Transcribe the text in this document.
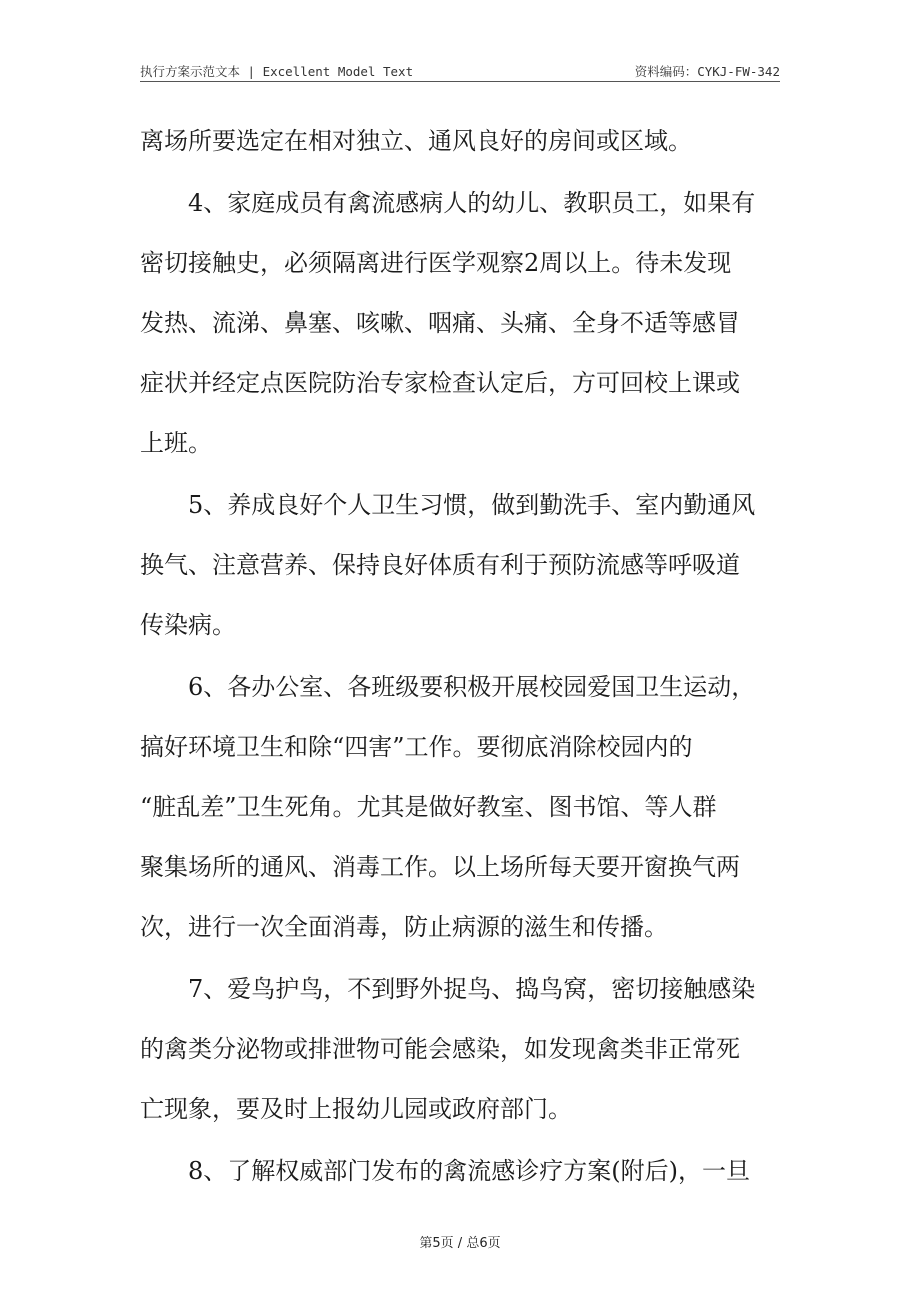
执行方案示范文本 | Excellent Model Text	资料编码：CYKJ-FW-342
离场所要选定在相对独立、通风良好的房间或区域。
4、家庭成员有禽流感病人的幼儿、教职员工，如果有
密切接触史，必须隔离进行医学观察2周以上。待未发现
发热、流涕、鼻塞、咳嗽、咽痛、头痛、全身不适等感冒
症状并经定点医院防治专家检查认定后，方可回校上课或
上班。
5、养成良好个人卫生习惯，做到勤洗手、室内勤通风
换气、注意营养、保持良好体质有利于预防流感等呼吸道
传染病。
6、各办公室、各班级要积极开展校园爱国卫生运动，
搞好环境卫生和除“四害”工作。要彻底消除校园内的
“脏乱差”卫生死角。尤其是做好教室、图书馆、等人群
聚集场所的通风、消毒工作。以上场所每天要开窗换气两
次，进行一次全面消毒，防止病源的滋生和传播。
7、爱鸟护鸟，不到野外捉鸟、捣鸟窝，密切接触感染
的禽类分泌物或排泄物可能会感染，如发现禽类非正常死
亡现象，要及时上报幼儿园或政府部门。
8、了解权威部门发布的禽流感诊疗方案(附后)，一旦
第5页 / 总6页
